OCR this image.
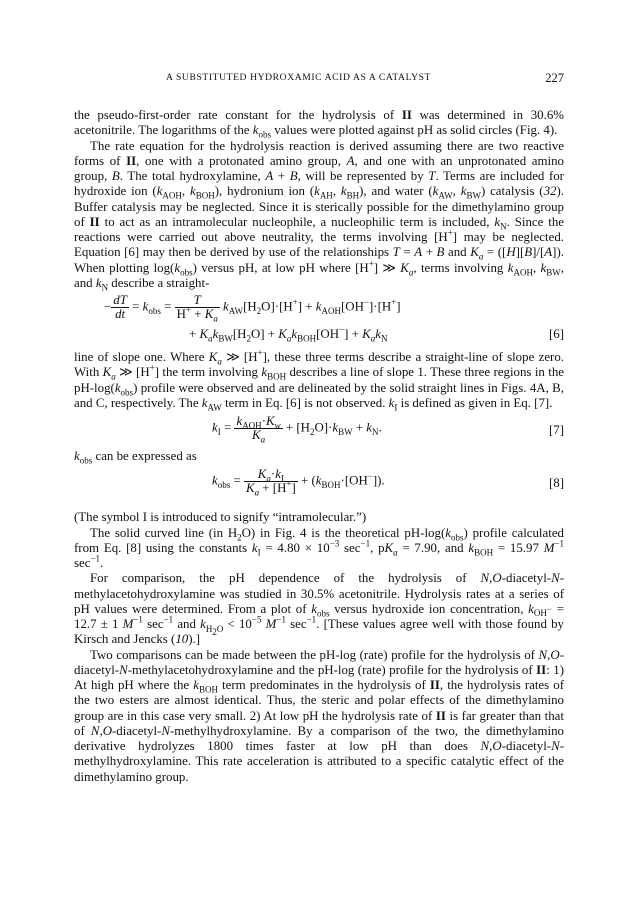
A SUBSTITUTED HYDROXAMIC ACID AS A CATALYST	227

the pseudo-first-order rate constant for the hydrolysis of II was determined in 30.6% acetonitrile. The logarithms of the $k_{obs}$ values were plotted against pH as solid circles (Fig. 4).

The rate equation for the hydrolysis reaction is derived assuming there are two reactive forms of II, one with a protonated amino group, A, and one with an unprotonated amino group, B. The total hydroxylamine, A + B, will be represented by T. Terms are included for hydroxide ion ($k_{AOH}$, $k_{BOH}$), hydronium ion ($k_{AH}$, $k_{BH}$), and water ($k_{AW}$, $k_{BW}$) catalysis (32). Buffer catalysis may be neglected. Since it is sterically possible for the dimethylamino group of II to act as an intramolecular nucleophile, a nucleophilic term is included, $k_N$. Since the reactions were carried out above neutrality, the terms involving [H+] may be neglected. Equation [6] may then be derived by use of the relationships T = A + B and $K_a = ([H][B]/[A])$. When plotting $\log(k_{obs})$ versus pH, at low pH where [H+] ≫ $K_a$, terms involving $k_{AOH}$, $k_{BW}$, and $k_N$ describe a straight-

− $\frac{dT}{dt} = k_{obs} = \frac{T}{H^+ + K_a} k_{AW}[H_2O]\cdot[H^+] + k_{AOH}[OH^-]\cdot[H^+]$
+ $K_ak_{BW}[H_2O] + K_ak_{BOH}[OH^-] + K_ak_N$	[6]

line of slope one. Where $K_a$ ≫ [H+], these three terms describe a straight-line of slope zero. With $K_a$ ≫ [H+] the term involving $k_{BOH}$ describes a line of slope 1. These three regions in the $pH-\log(k_{obs})$ profile were observed and are delineated by the solid straight lines in Figs. 4A, B, and C, respectively. The $k_{AW}$ term in Eq. [6] is not observed. $k_I$ is defined as given in Eq. [7].

$k_I = \frac{k_{AOH}\cdot K_w}{K_a} + [H_2O]\cdot k_{BW} + k_N$.	[7]

$k_{obs}$ can be expressed as

$k_{obs} = \frac{K_a\cdot k_I}{K_a + [H^+]} + (k_{BOH}\cdot[OH^-])$.	[8]

(The symbol I is introduced to signify “intramolecular.”)

The solid curved line (in $H_2O$) in Fig. 4 is the theoretical $pH-\log(k_{obs})$ profile calculated from Eq. [8] using the constants $k_I = 4.80 \times 10^{-3}$ $\sec^{-1}$, $pK_a = 7.90$, and $k_{BOH} = 15.97$ $M^{-1}$ $\sec^{-1}$.

For comparison, the pH dependence of the hydrolysis of N,O-diacetyl-N-methylacetohydroxylamine was studied in 30.5% acetonitrile. Hydrolysis rates at a series of pH values were determined. From a plot of $k_{obs}$ versus hydroxide ion concentration, $k_{OH^-} = 12.7 \pm 1$ $M^{-1}$ $\sec^{-1}$ and $k_{H_2O} < 10^{-5}$ $M^{-1}$ $\sec^{-1}$. [These values agree well with those found by Kirsch and Jencks (10).]

Two comparisons can be made between the pH-log (rate) profile for the hydrolysis of N,O-diacetyl-N-methylacetohydroxylamine and the pH-log (rate) profile for the hydrolysis of II: 1) At high pH where the $k_{BOH}$ term predominates in the hydrolysis of II, the hydrolysis rates of the two esters are almost identical. Thus, the steric and polar effects of the dimethylamino group are in this case very small. 2) At low pH the hydrolysis rate of II is far greater than that of N,O-diacetyl-N-methylhydroxylamine. By a comparison of the two, the dimethylamino derivative hydrolyzes 1800 times faster at low pH than does N,O-diacetyl-N-methylhydroxylamine. This rate acceleration is attributed to a specific catalytic effect of the dimethylamino group.
